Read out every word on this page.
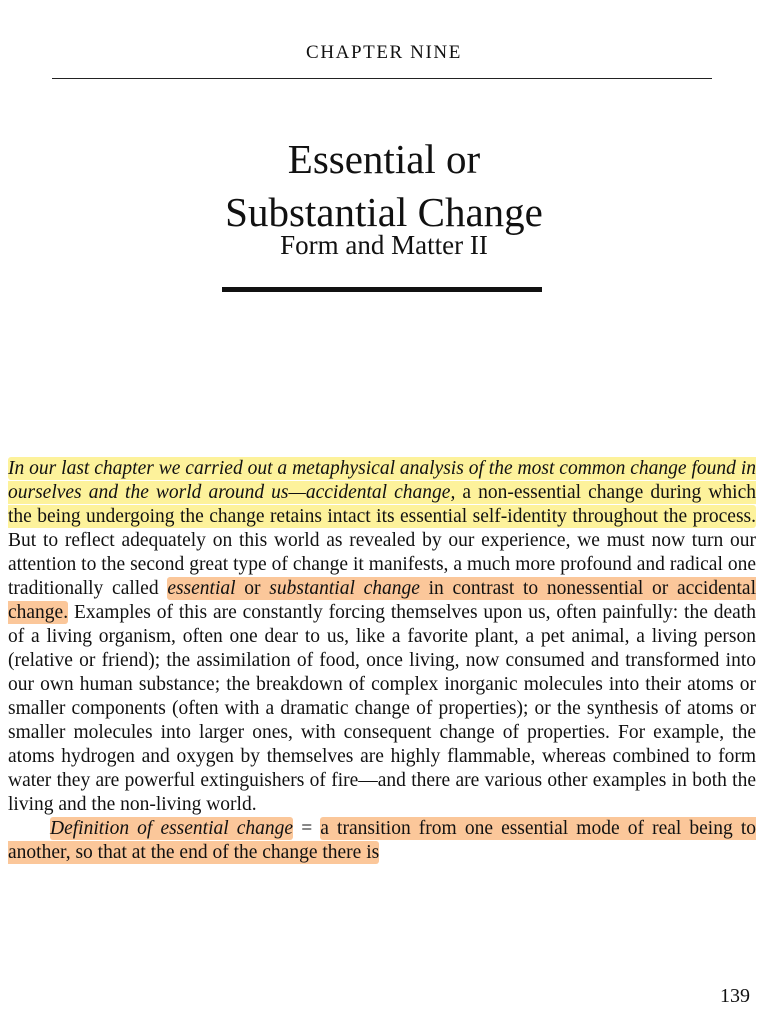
CHAPTER NINE
Essential or
Substantial Change
Form and Matter II

In our last chapter we carried out a metaphysical analysis of the most common change found in ourselves and the world around us—accidental change, a non-essential change during which the being undergoing the change retains intact its essential self-identity throughout the process. But to reflect adequately on this world as revealed by our experience, we must now turn our attention to the second great type of change it manifests, a much more profound and radical one traditionally called essential or substantial change in contrast to nonessential or accidental change. Examples of this are constantly forcing themselves upon us, often painfully: the death of a living organism, often one dear to us, like a favorite plant, a pet animal, a living person (relative or friend); the assimilation of food, once living, now consumed and transformed into our own human substance; the breakdown of complex inorganic molecules into their atoms or smaller components (often with a dramatic change of properties); or the synthesis of atoms or smaller molecules into larger ones, with consequent change of properties. For example, the atoms hydrogen and oxygen by themselves are highly flammable, whereas combined to form water they are powerful extinguishers of fire—and there are various other examples in both the living and the non-living world.

Definition of essential change = a transition from one essential mode of real being to another, so that at the end of the change there is

139
